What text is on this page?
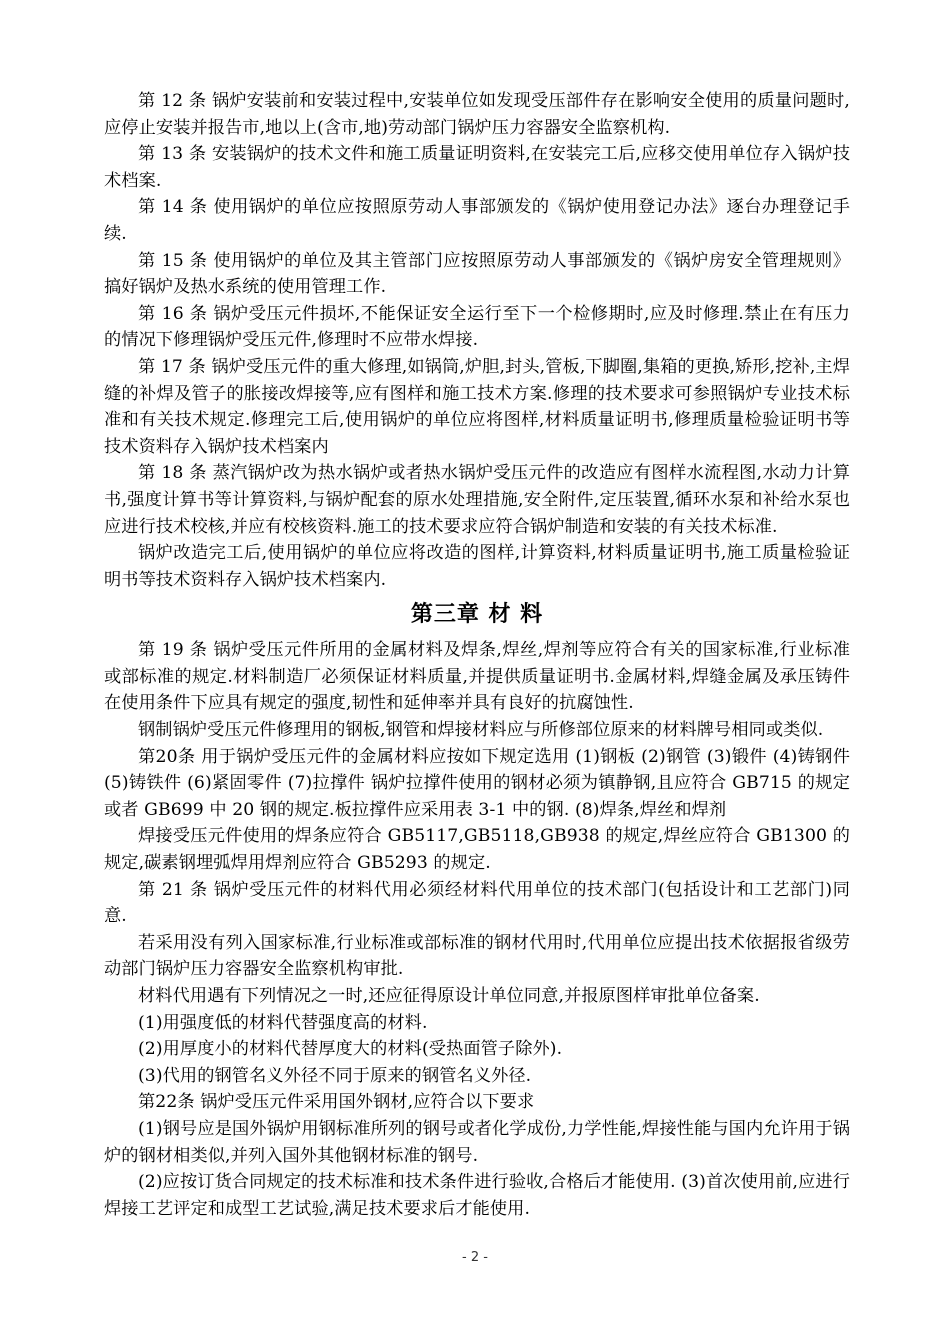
第 12 条 锅炉安装前和安装过程中,安装单位如发现受压部件存在影响安全使用的质量问题时,应停止安装并报告市,地以上(含市,地)劳动部门锅炉压力容器安全监察机构.

第 13 条 安装锅炉的技术文件和施工质量证明资料,在安装完工后,应移交使用单位存入锅炉技术档案.

第 14 条 使用锅炉的单位应按照原劳动人事部颁发的《锅炉使用登记办法》逐台办理登记手续.

第 15 条 使用锅炉的单位及其主管部门应按照原劳动人事部颁发的《锅炉房安全管理规则》搞好锅炉及热水系统的使用管理工作.

第 16 条 锅炉受压元件损坏,不能保证安全运行至下一个检修期时,应及时修理.禁止在有压力的情况下修理锅炉受压元件,修理时不应带水焊接.

第 17 条 锅炉受压元件的重大修理,如锅筒,炉胆,封头,管板,下脚圈,集箱的更换,矫形,挖补,主焊缝的补焊及管子的胀接改焊接等,应有图样和施工技术方案.修理的技术要求可参照锅炉专业技术标准和有关技术规定.修理完工后,使用锅炉的单位应将图样,材料质量证明书,修理质量检验证明书等技术资料存入锅炉技术档案内

第 18 条 蒸汽锅炉改为热水锅炉或者热水锅炉受压元件的改造应有图样水流程图,水动力计算书,强度计算书等计算资料,与锅炉配套的原水处理措施,安全附件,定压装置,循环水泵和补给水泵也应进行技术校核,并应有校核资料.施工的技术要求应符合锅炉制造和安装的有关技术标准.

锅炉改造完工后,使用锅炉的单位应将改造的图样,计算资料,材料质量证明书,施工质量检验证明书等技术资料存入锅炉技术档案内.

第三章 材 料

第 19 条 锅炉受压元件所用的金属材料及焊条,焊丝,焊剂等应符合有关的国家标准,行业标准或部标准的规定.材料制造厂必须保证材料质量,并提供质量证明书.金属材料,焊缝金属及承压铸件在使用条件下应具有规定的强度,韧性和延伸率并具有良好的抗腐蚀性.

钢制锅炉受压元件修理用的钢板,钢管和焊接材料应与所修部位原来的材料牌号相同或类似.

第20条 用于锅炉受压元件的金属材料应按如下规定选用 (1)钢板 (2)钢管 (3)锻件 (4)铸钢件 (5)铸铁件 (6)紧固零件 (7)拉撑件 锅炉拉撑件使用的钢材必须为镇静钢,且应符合 GB715 的规定或者 GB699 中 20 钢的规定.板拉撑件应采用表 3-1 中的钢. (8)焊条,焊丝和焊剂

焊接受压元件使用的焊条应符合 GB5117,GB5118,GB938 的规定,焊丝应符合 GB1300 的规定,碳素钢埋弧焊用焊剂应符合 GB5293 的规定.

第 21 条 锅炉受压元件的材料代用必须经材料代用单位的技术部门(包括设计和工艺部门)同意.

若采用没有列入国家标准,行业标准或部标准的钢材代用时,代用单位应提出技术依据报省级劳动部门锅炉压力容器安全监察机构审批.

材料代用遇有下列情况之一时,还应征得原设计单位同意,并报原图样审批单位备案.

(1)用强度低的材料代替强度高的材料.

(2)用厚度小的材料代替厚度大的材料(受热面管子除外).

(3)代用的钢管名义外径不同于原来的钢管名义外径.

第22条 锅炉受压元件采用国外钢材,应符合以下要求

(1)钢号应是国外锅炉用钢标准所列的钢号或者化学成份,力学性能,焊接性能与国内允许用于锅炉的钢材相类似,并列入国外其他钢材标准的钢号.

(2)应按订货合同规定的技术标准和技术条件进行验收,合格后才能使用. (3)首次使用前,应进行焊接工艺评定和成型工艺试验,满足技术要求后才能使用.

- 2 -
